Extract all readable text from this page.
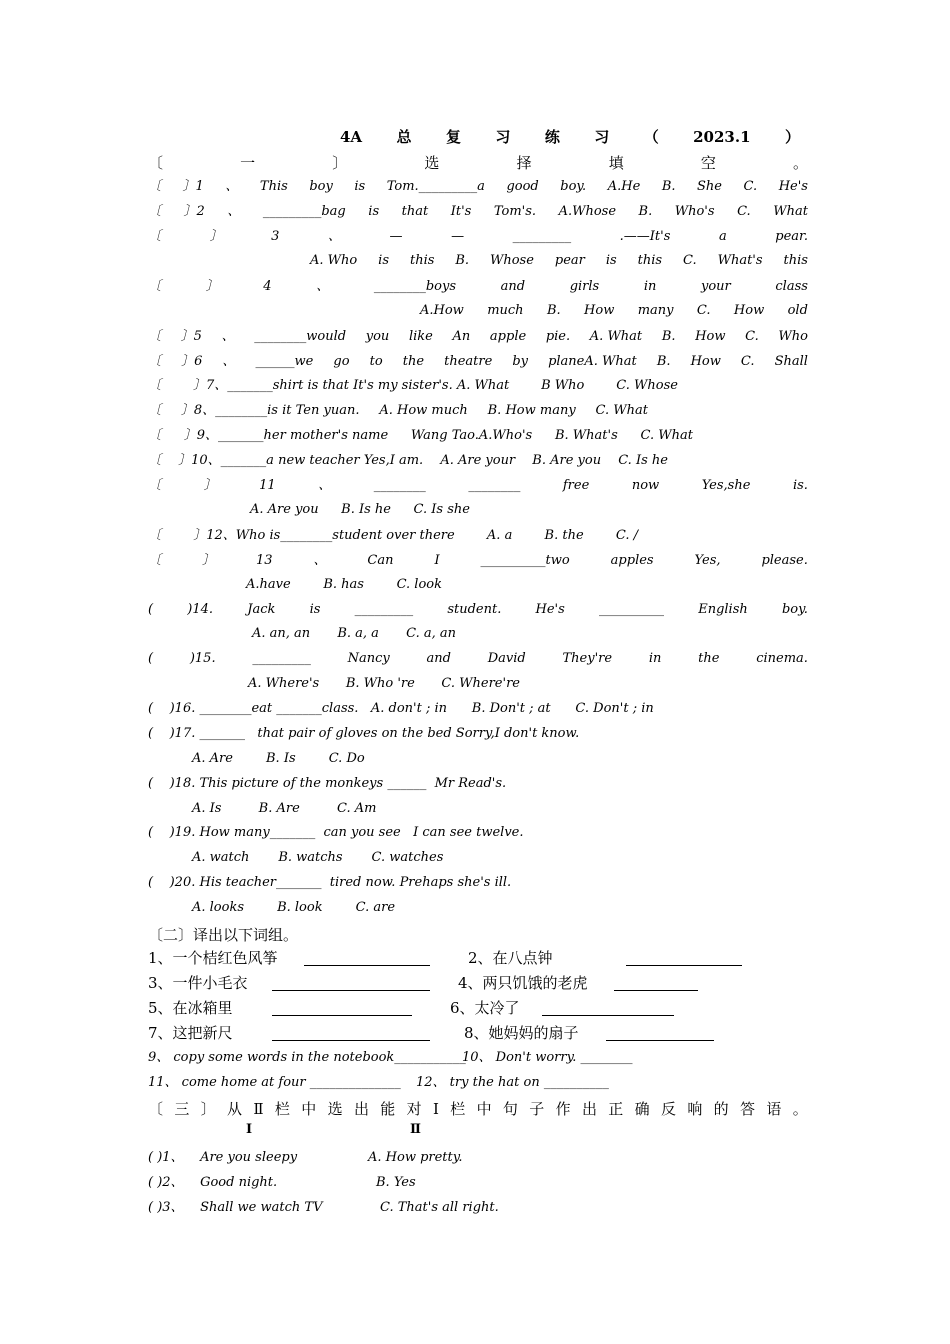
4A 总 复 习 练 习 （ 2023.1 ）
〔	一	〕	选	择	填	空	。
〔 〕1 、 This boy is Tom._________a good boy. A.He B. She C. He's
〔 〕2 、 _________bag is that It's Tom's. A.Whose B. Who's C. What
〔	〕	3	、	—	—	_________	.——It's	a	pear.
A. Who is this B. Whose pear is this C. What's this
〔	〕	4	、	________boys	and	girls	in	your	class
A.How much B. How many C. How old
〔 〕5 、 ________would you like An apple pie. A. What B. How C. Who
〔 〕6 、 ______we go to the theatre by planeA. What B. How C. Shall
〔 〕7、_______shirt is that It's my sister's. A. What B Who C. Whose
〔 〕8、________is it Ten yuan. A. How much B. How many C. What
〔 〕9、_______her mother's name Wang Tao.A.Who's B. What's C. What
〔 〕10、_______a new teacher Yes,I am. A. Are your B. Are you C. Is he
〔	〕	11	、	________	________	free	now	Yes,she	is.
A. Are you B. Is he C. Is she
〔 〕12、Who is________student over there A. a B. the C. /
〔	〕	13	、	Can	I	__________two	apples	Yes,	please.
A.have	B. has	C. look
(	)14.	Jack	is	_________	student.	He's	__________	English	boy.
A. an, an B. a, a C. a, an
(	)15.	_________	Nancy	and	David	They're	in	the	cinema.
A. Where's B. Who 're C. Where're
(    )16. ________eat _______class.   A. don't ; in      B. Don't ; at      C. Don't ; in
(    )17. _______   that pair of gloves on the bed Sorry,I don't know.
A. Are        B. Is        C. Do
(    )18. This picture of the monkeys ______  Mr Read's.
A. Is         B. Are         C. Am
(    )19. How many_______  can you see   I can see twelve.
A. watch       B. watchs       C. watches
(    )20. His teacher_______  tired now. Prehaps she's ill.
A. looks        B. look        C. are
〔二〕译出以下词组。
1、一个桔红色风筝	2、在八点钟
3、一件小毛衣	4、两只饥饿的老虎
5、在冰箱里	6、太冷了
7、这把新尺	8、她妈妈的扇子
9、 copy some words in the notebook___________
10、 Don't worry. ________
11、 come home at four ______________	12、 try the hat on __________
〔 三 〕 从 Ⅱ 栏 中 选 出 能 对 Ⅰ 栏 中 句 子 作 出 正 确 反 响 的 答 语 。
Ⅰ	Ⅱ
( )1、    Are you sleepy	A. How pretty.
( )2、    Good night.	B. Yes
( )3、    Shall we watch TV	C. That's all right.
